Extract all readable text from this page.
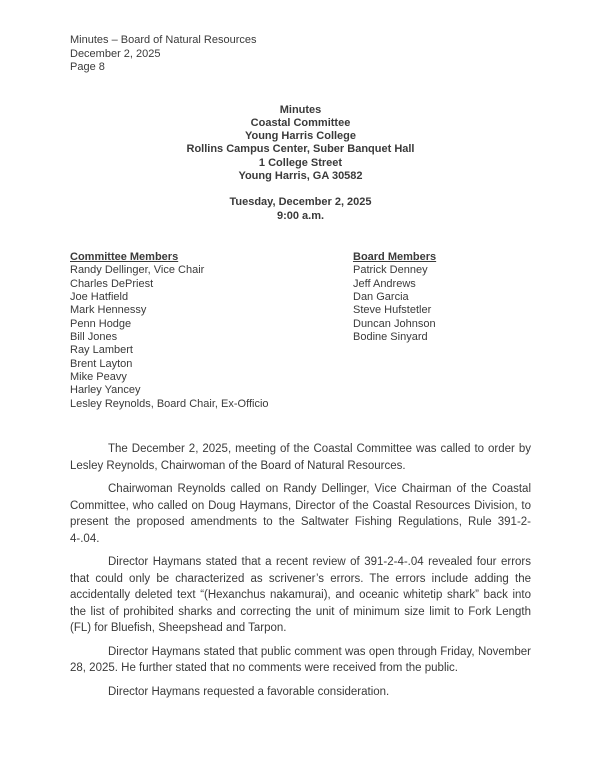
Minutes – Board of Natural Resources
December 2, 2025
Page 8
Minutes
Coastal Committee
Young Harris College
Rollins Campus Center, Suber Banquet Hall
1 College Street
Young Harris, GA 30582
Tuesday, December 2, 2025
9:00 a.m.
Committee Members
Randy Dellinger, Vice Chair
Charles DePriest
Joe Hatfield
Mark Hennessy
Penn Hodge
Bill Jones
Ray Lambert
Brent Layton
Mike Peavy
Harley Yancey
Lesley Reynolds, Board Chair, Ex-Officio
Board Members
Patrick Denney
Jeff Andrews
Dan Garcia
Steve Hufstetler
Duncan Johnson
Bodine Sinyard

The December 2, 2025, meeting of the Coastal Committee was called to order by Lesley Reynolds, Chairwoman of the Board of Natural Resources.

Chairwoman Reynolds called on Randy Dellinger, Vice Chairman of the Coastal Committee, who called on Doug Haymans, Director of the Coastal Resources Division, to present the proposed amendments to the Saltwater Fishing Regulations, Rule 391-2-4-.04.

Director Haymans stated that a recent review of 391-2-4-.04 revealed four errors that could only be characterized as scrivener’s errors. The errors include adding the accidentally deleted text “(Hexanchus nakamurai), and oceanic whitetip shark” back into the list of prohibited sharks and correcting the unit of minimum size limit to Fork Length (FL) for Bluefish, Sheepshead and Tarpon.

Director Haymans stated that public comment was open through Friday, November 28, 2025. He further stated that no comments were received from the public.

Director Haymans requested a favorable consideration.
